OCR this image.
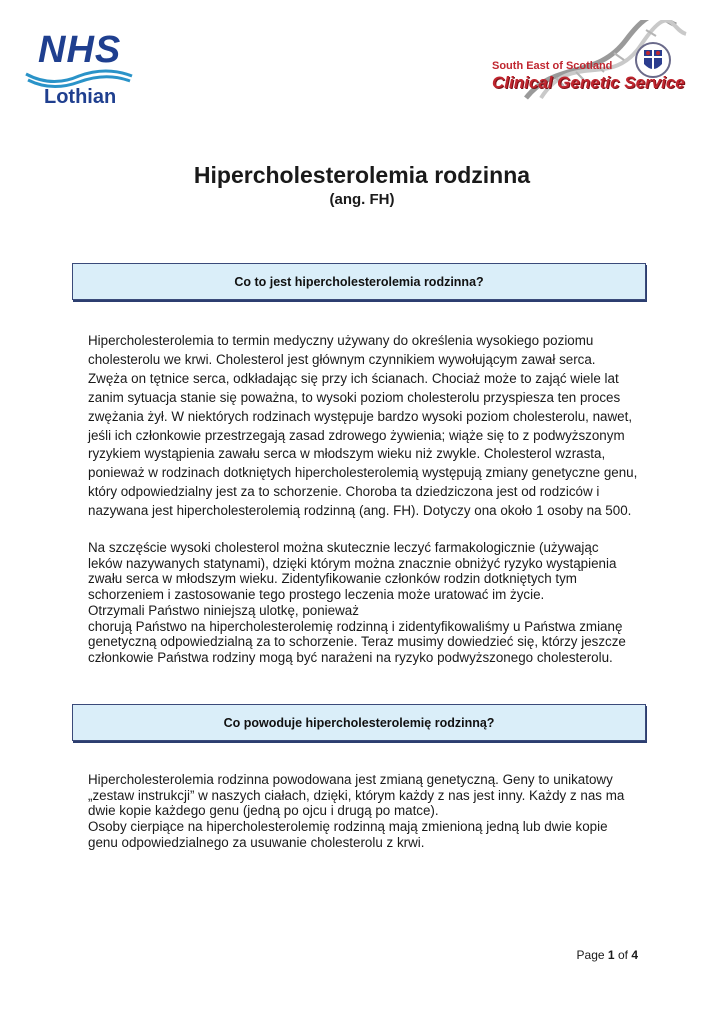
NHS
Lothian
South East of Scotland
Clinical Genetic Service
Hipercholesterolemia rodzinna
(ang. FH)
Co to jest hipercholesterolemia rodzinna?
Hipercholesterolemia to termin medyczny używany do określenia wysokiego poziomu
cholesterolu we krwi. Cholesterol jest głównym czynnikiem wywołującym zawał serca.
Zwęża on tętnice serca, odkładając się przy ich ścianach. Chociaż może to zająć wiele lat
zanim sytuacja stanie się poważna, to wysoki poziom cholesterolu przyspiesza ten proces
zwężania żył. W niektórych rodzinach występuje bardzo wysoki poziom cholesterolu, nawet,
jeśli ich członkowie przestrzegają zasad zdrowego żywienia; wiąże się to z podwyższonym
ryzykiem wystąpienia zawału serca w młodszym wieku niż zwykle. Cholesterol wzrasta,
ponieważ w rodzinach dotkniętych hipercholesterolemią występują zmiany genetyczne genu,
który odpowiedzialny jest za to schorzenie. Choroba ta dziedziczona jest od rodziców i
nazywana jest hipercholesterolemią rodzinną (ang. FH). Dotyczy ona około 1 osoby na 500.
Na szczęście wysoki cholesterol można skutecznie leczyć farmakologicznie (używając
leków nazywanych statynami), dzięki którym można znacznie obniżyć ryzyko wystąpienia
zwału serca w młodszym wieku. Zidentyfikowanie członków rodzin dotkniętych tym
schorzeniem i zastosowanie tego prostego leczenia może uratować im życie.
Otrzymali Państwo niniejszą ulotkę, ponieważ
chorują Państwo na hipercholesterolemię rodzinną i zidentyfikowaliśmy u Państwa zmianę
genetyczną odpowiedzialną za to schorzenie. Teraz musimy dowiedzieć się, którzy jeszcze
członkowie Państwa rodziny mogą być narażeni na ryzyko podwyższonego cholesterolu.
Co powoduje hipercholesterolemię rodzinną?
Hipercholesterolemia rodzinna powodowana jest zmianą genetyczną. Geny to unikatowy
„zestaw instrukcji” w naszych ciałach, dzięki, którym każdy z nas jest inny. Każdy z nas ma
dwie kopie każdego genu (jedną po ojcu i drugą po matce).
Osoby cierpiące na hipercholesterolemię rodzinną mają zmienioną jedną lub dwie kopie
genu odpowiedzialnego za usuwanie cholesterolu z krwi.
Page 1 of 4
